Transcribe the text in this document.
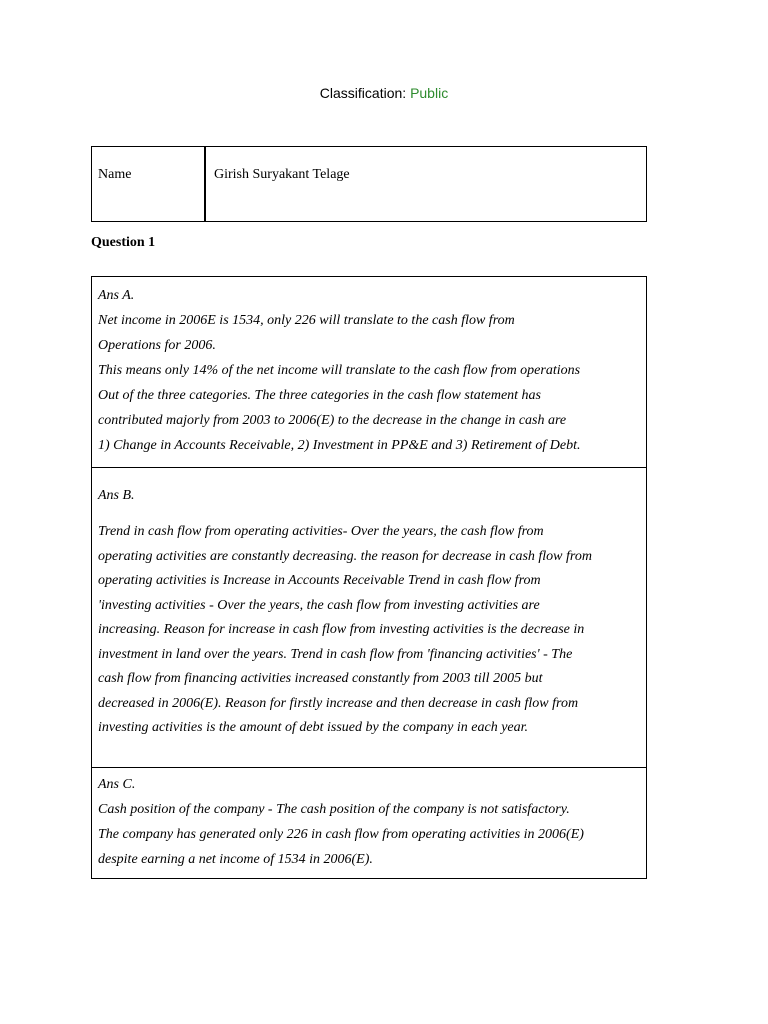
Classification: Public
Name	Girish Suryakant Telage
Question 1
Ans A.
Net income in 2006E is 1534, only 226 will translate to the cash flow from
Operations for 2006.
This means only 14% of the net income will translate to the cash flow from operations
Out of the three categories. The three categories in the cash flow statement has
contributed majorly from 2003 to 2006(E) to the decrease in the change in cash are
1) Change in Accounts Receivable, 2) Investment in PP&E and 3) Retirement of Debt.
Ans B.
Trend in cash flow from operating activities- Over the years, the cash flow from
operating activities are constantly decreasing. the reason for decrease in cash flow from
operating activities is Increase in Accounts Receivable Trend in cash flow from
'investing activities - Over the years, the cash flow from investing activities are
increasing. Reason for increase in cash flow from investing activities is the decrease in
investment in land over the years. Trend in cash flow from 'financing activities' - The
cash flow from financing activities increased constantly from 2003 till 2005 but
decreased in 2006(E). Reason for firstly increase and then decrease in cash flow from
investing activities is the amount of debt issued by the company in each year.
Ans C.
Cash position of the company - The cash position of the company is not satisfactory.
The company has generated only 226 in cash flow from operating activities in 2006(E)
despite earning a net income of 1534 in 2006(E).
